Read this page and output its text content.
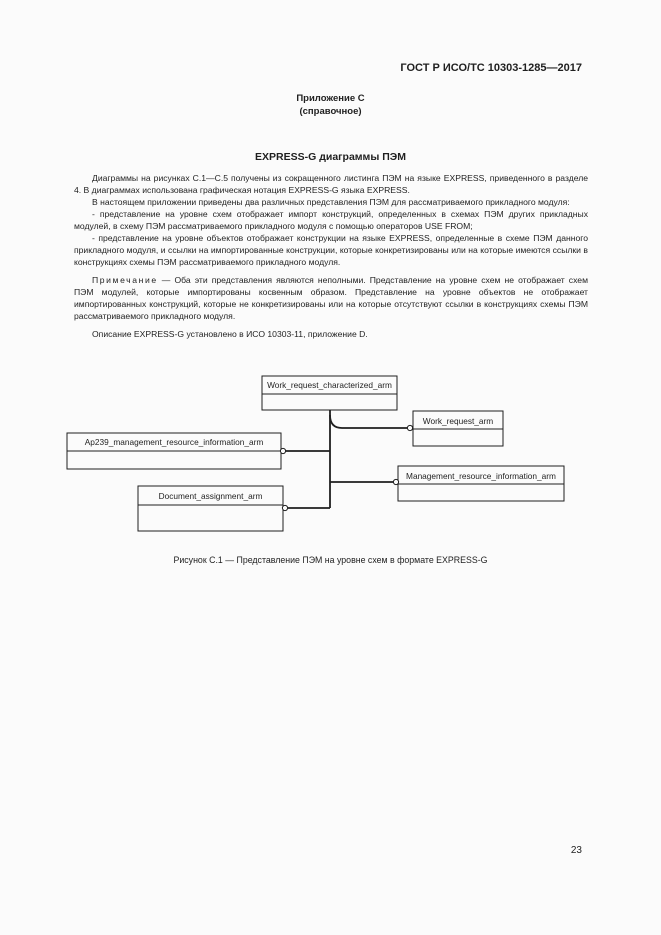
ГОСТ Р ИСО/ТС 10303-1285—2017
Приложение С
(справочное)
EXPRESS-G диаграммы ПЭМ

Диаграммы на рисунках С.1—С.5 получены из сокращенного листинга ПЭМ на языке EXPRESS, приведенного в разделе 4. В диаграммах использована графическая нотация EXPRESS-G языка EXPRESS.

В настоящем приложении приведены два различных представления ПЭМ для рассматриваемого прикладного модуля:

- представление на уровне схем отображает импорт конструкций, определенных в схемах ПЭМ других прикладных модулей, в схему ПЭМ рассматриваемого прикладного модуля с помощью операторов USE FROM;

- представление на уровне объектов отображает конструкции на языке EXPRESS, определенные в схеме ПЭМ данного прикладного модуля, и ссылки на импортированные конструкции, которые конкретизированы или на которые имеются ссылки в конструкциях схемы ПЭМ рассматриваемого прикладного модуля.

Примечание — Оба эти представления являются неполными. Представление на уровне схем не отображает схем ПЭМ модулей, которые импортированы косвенным образом. Представление на уровне объектов не отображает импортированных конструкций, которые не конкретизированы или на которые отсутствуют ссылки в конструкциях схемы ПЭМ рассматриваемого прикладного модуля.

Описание EXPRESS-G установлено в ИСО 10303-11, приложение D.

Work_request_characterized_arm
Work_request_arm
Ap239_management_resource_information_arm
Management_resource_information_arm
Document_assignment_arm
Рисунок С.1 — Представление ПЭМ на уровне схем в формате EXPRESS-G
23
